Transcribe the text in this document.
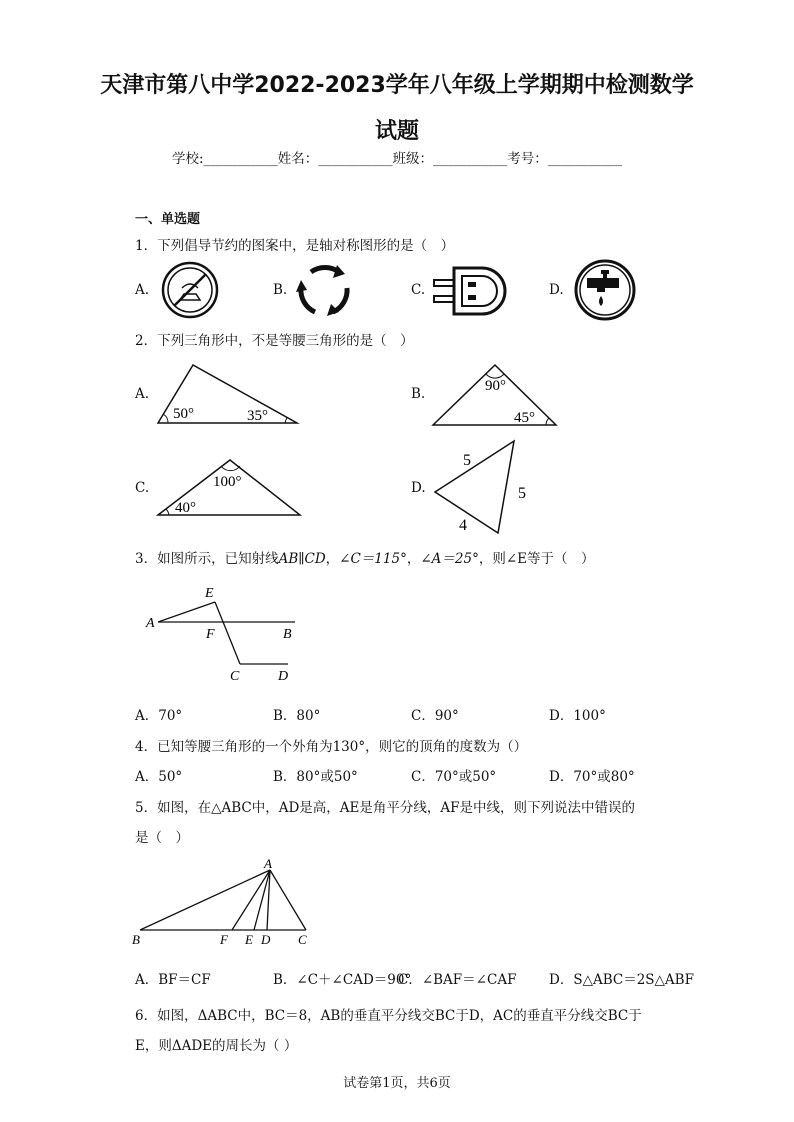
天津市第八中学2022-2023学年八年级上学期期中检测数学
试题
学校:___________姓名：___________班级：___________考号：___________
一、单选题
1．下列倡导节约的图案中，是轴对称图形的是（　）
A.	B.	C.	D.
2．下列三角形中，不是等腰三角形的是（　）
A.	B.
C.	D.
50°	35°
90°
45°
100°
40°
5
5
4
3．如图所示，已知射线AB∥CD，∠C＝115°，∠A＝25°，则∠E等于（　）
E
A
F	B
C	D
A．70°	B．80°	C．90°	D．100°
4．已知等腰三角形的一个外角为130°，则它的顶角的度数为（）
A．50°	B．80°或50°	C．70°或50°	D．70°或80°
5．如图，在△ABC中，AD是高，AE是角平分线，AF是中线，则下列说法中错误的
是（　）
A
B	F E D C
A．BF＝CF	B．∠C＋∠CAD＝90°
C．∠BAF＝∠CAF D．S△ABC＝2S△ABF
6．如图，ΔABC中，BC＝8，AB的垂直平分线交BC于D，AC的垂直平分线交BC于
E，则ΔADE的周长为（ ）
试卷第1页，共6页
